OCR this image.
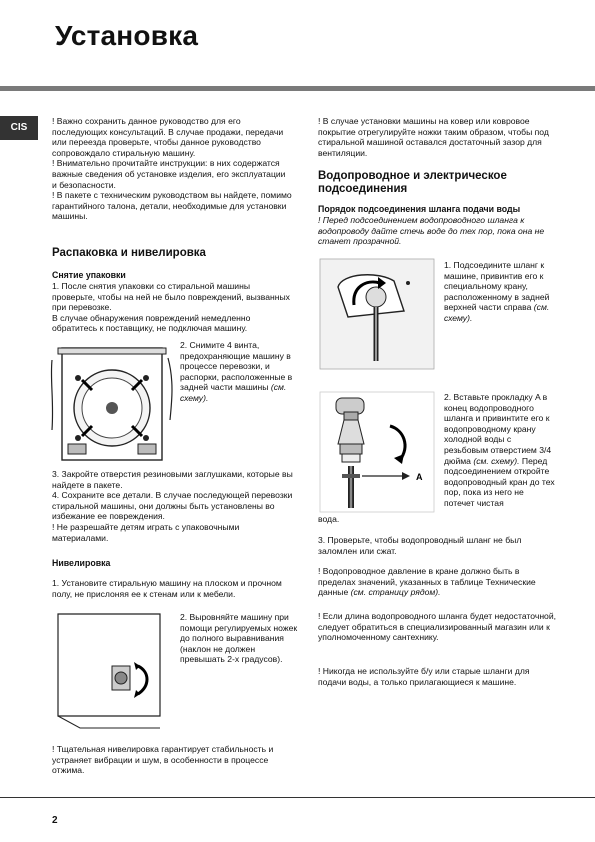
Установка
CIS

! Важно сохранить данное руководство для его последующих консультаций. В случае продажи, передачи или переезда проверьте, чтобы данное руководство сопровождало стиральную машину.

! Внимательно прочитайте инструкции: в них содержатся важные сведения об установке изделия, его эксплуатации и безопасности.

! В пакете с техническим руководством вы найдете, помимо гарантийного талона, детали, необходимые для установки машины.

Распаковка и нивелировка
Снятие упаковки

1. После снятия упаковки со стиральной машины проверьте, чтобы на ней не было повреждений, вызванных при перевозке.

В случае обнаружения повреждений немедленно обратитесь к поставщику, не подключая машину.

2. Снимите 4 винта, предохраняющие машину в процессе перевозки, и распорки, расположенные в задней части машины (см. схему).

3. Закройте отверстия резиновыми заглушками, которые вы найдете в пакете.

4. Сохраните все детали. В случае последующей перевозки стиральной машины, они должны быть установлены во избежание ее повреждения.

! Не разрешайте детям играть с упаковочными материалами.

Нивелировка
1. Установите стиральную машину на плоском и прочном полу, не прислоняя ее к стенам или к мебели.
2. Выровняйте машину при помощи регулируемых ножек до полного выравнивания (наклон не должен превышать 2-х градусов).
! Тщательная нивелировка гарантирует стабильность и устраняет вибрации и шум, в особенности в процессе отжима.
! В случае установки машины на ковер или ковровое покрытие отрегулируйте ножки таким образом, чтобы под стиральной машиной оставался достаточный зазор для вентиляции.
Водопроводное и электрическое подсоединения
Порядок подсоединения шланга подачи воды
! Перед подсоединением водопроводного шланга к водопроводу дайте стечь воде до тех пор, пока она не станет прозрачной.
1. Подсоедините шланг к машине, привинтив его к специальному крану, расположенному в задней верхней части справа (см. схему).
A
2. Вставьте прокладку A в конец водопроводного шланга и привинтите его к водопроводному крану холодной воды с резьбовым отверстием 3/4 дюйма (см. схему). Перед подсоединением откройте водопроводный кран до тех пор, пока из него не потечет чистая
вода.
3. Проверьте, чтобы водопроводный шланг не был заломлен или сжат.
! Водопроводное давление в кране должно быть в пределах значений, указанных в таблице Технические данные (см. страницу рядом).
! Если длина водопроводного шланга будет недостаточной, следует обратиться в специализированный магазин или к уполномоченному сантехнику.
! Никогда не используйте б/у или старые шланги для подачи воды, а только прилагающиеся к машине.
2
